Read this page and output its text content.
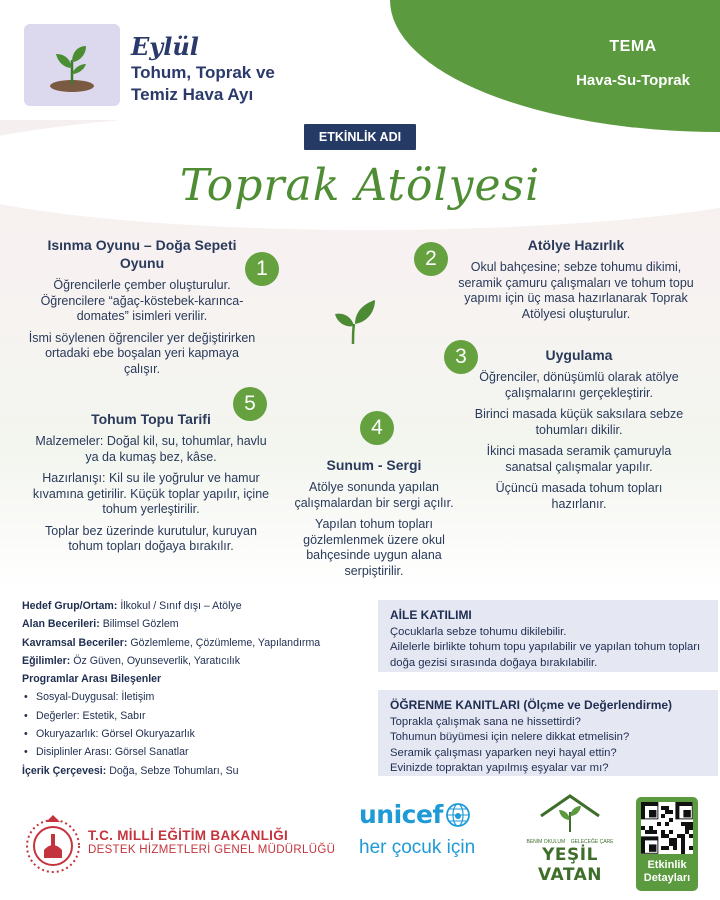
TEMA
Hava-Su-Toprak
Eylül
Tohum, Toprak ve
Temiz Hava Ayı
ETKİNLİK ADI
Toprak Atölyesi
1	2
3
4
5
Isınma Oyunu – Doğa Sepeti Oyunu

Öğrencilerle çember oluşturulur. Öğrencilere “ağaç-köstebek-karınca-domates” isimleri verilir.

İsmi söylenen öğrenciler yer değiştirirken ortadaki ebe boşalan yeri kapmaya çalışır.

Atölye Hazırlık

Okul bahçesine; sebze tohumu dikimi, seramik çamuru çalışmaları ve tohum topu yapımı için üç masa hazırlanarak Toprak Atölyesi oluşturulur.

Uygulama

Öğrenciler, dönüşümlü olarak atölye çalışmalarını gerçekleştirir.

Birinci masada küçük saksılara sebze tohumları dikilir.

İkinci masada seramik çamuruyla sanatsal çalışmalar yapılır.

Üçüncü masada tohum topları hazırlanır.

Sunum - Sergi

Atölye sonunda yapılan çalışmalardan bir sergi açılır.

Yapılan tohum topları gözlemlenmek üzere okul bahçesinde uygun alana serpiştirilir.

Tohum Topu Tarifi

Malzemeler: Doğal kil, su, tohumlar, havlu ya da kumaş bez, kâse.

Hazırlanışı: Kil su ile yoğrulur ve hamur kıvamına getirilir. Küçük toplar yapılır, içine tohum yerleştirilir.

Toplar bez üzerinde kurutulur, kuruyan tohum topları doğaya bırakılır.

Hedef Grup/Ortam: İlkokul / Sınıf dışı – Atölye
Alan Becerileri: Bilimsel Gözlem
Kavramsal Beceriler: Gözlemleme, Çözümleme, Yapılandırma
Eğilimler: Öz Güven, Oyunseverlik, Yaratıcılık
Programlar Arası Bileşenler
• Sosyal-Duygusal: İletişim
• Değerler: Estetik, Sabır
• Okuryazarlık: Görsel Okuryazarlık
• Disiplinler Arası: Görsel Sanatlar
İçerik Çerçevesi: Doğa, Sebze Tohumları, Su
AİLE KATILIMI
Çocuklarla sebze tohumu dikilebilir.
Ailelerle birlikte tohum topu yapılabilir ve yapılan tohum topları doğa gezisi sırasında doğaya bırakılabilir.
ÖĞRENME KANITLARI (Ölçme ve Değerlendirme)
Toprakla çalışmak sana ne hissettirdi?
Tohumun büyümesi için nelere dikkat etmelisin?
Seramik çalışması yaparken neyi hayal ettin?
Evinizde topraktan yapılmış eşyalar var mı?
T.C. MİLLİ EĞİTİM BAKANLIĞI
DESTEK HİZMETLERİ GENEL MÜDÜRLÜĞÜ
unicef
her çocuk için	BENİM OKULUM GELECEĞE ÇARE
YEŞİL VATAN	Etkinlik Detayları
